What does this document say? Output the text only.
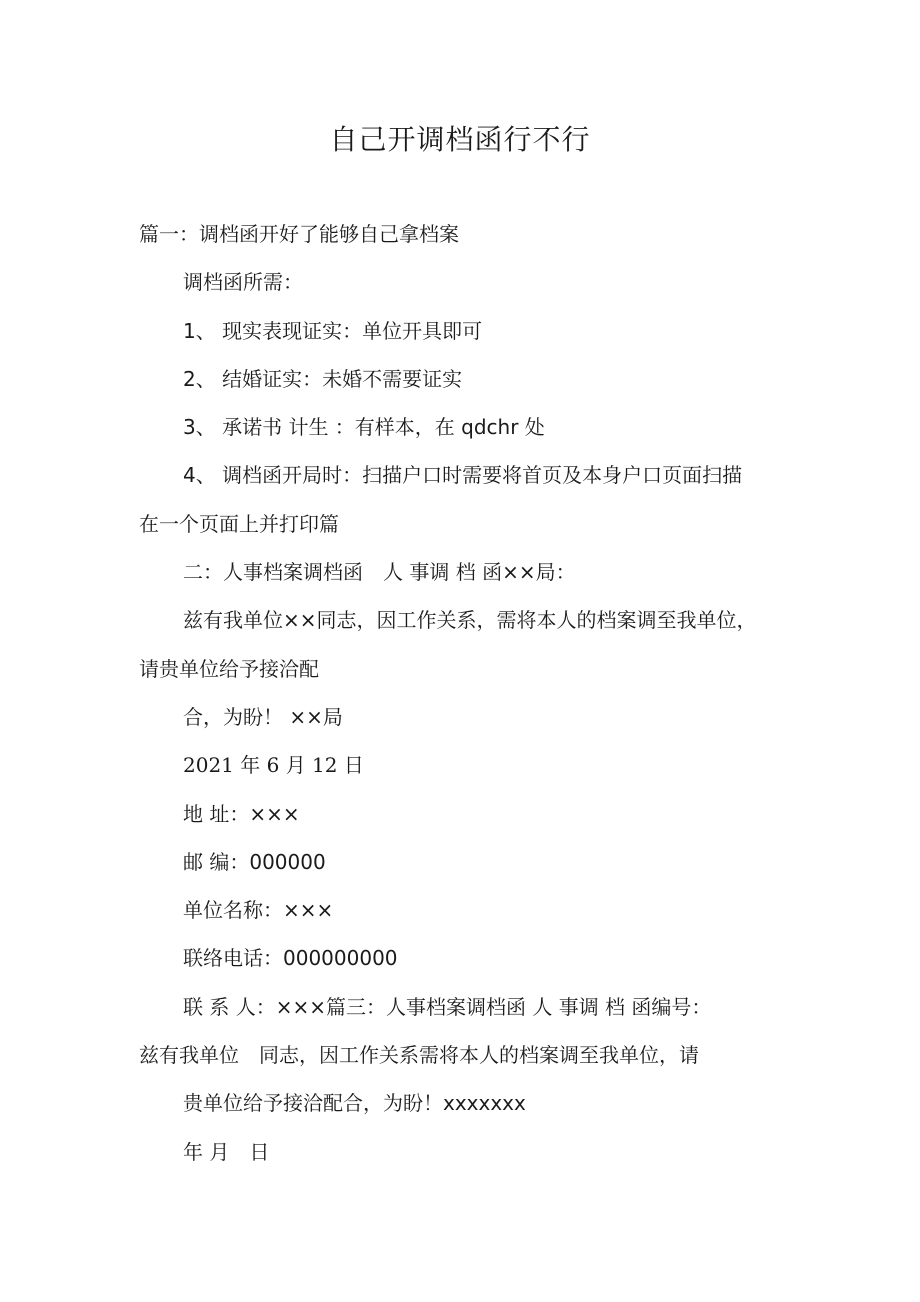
自己开调档函行不行

篇一：调档函开好了能够自己拿档案

调档函所需：

1、 现实表现证实：单位开具即可

2、 结婚证实：未婚不需要证实

3、 承诺书 计生 ：有样本，在 qdchr 处

4、 调档函开局时：扫描户口时需要将首页及本身户口页面扫描

在一个页面上并打印篇

二：人事档案调档函　人 事调 档 函××局：

兹有我单位××同志，因工作关系，需将本人的档案调至我单位，

请贵单位给予接洽配

合，为盼！ ××局

2021 年 6 月 12 日

地 址：×××

邮 编：000000

单位名称：×××

联络电话：000000000

联 系 人：×××篇三：人事档案调档函 人 事调 档 函编号：

兹有我单位　同志，因工作关系需将本人的档案调至我单位，请

贵单位给予接洽配合，为盼！xxxxxxx

年 月　日
